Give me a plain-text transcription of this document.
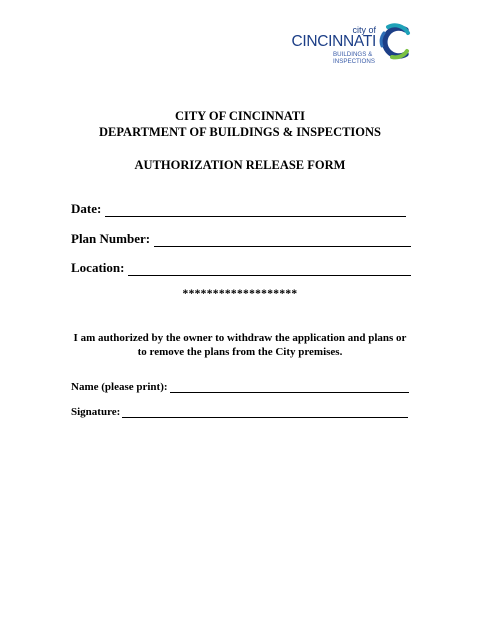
city of
CINCINNATI
BUILDINGS &
INSPECTIONS
CITY OF CINCINNATI
DEPARTMENT OF BUILDINGS & INSPECTIONS
AUTHORIZATION RELEASE FORM
Date:
Plan Number:
Location:
*******************
I am authorized by the owner to withdraw the application and plans or
to remove the plans from the City premises.
Name (please print):
Signature:
